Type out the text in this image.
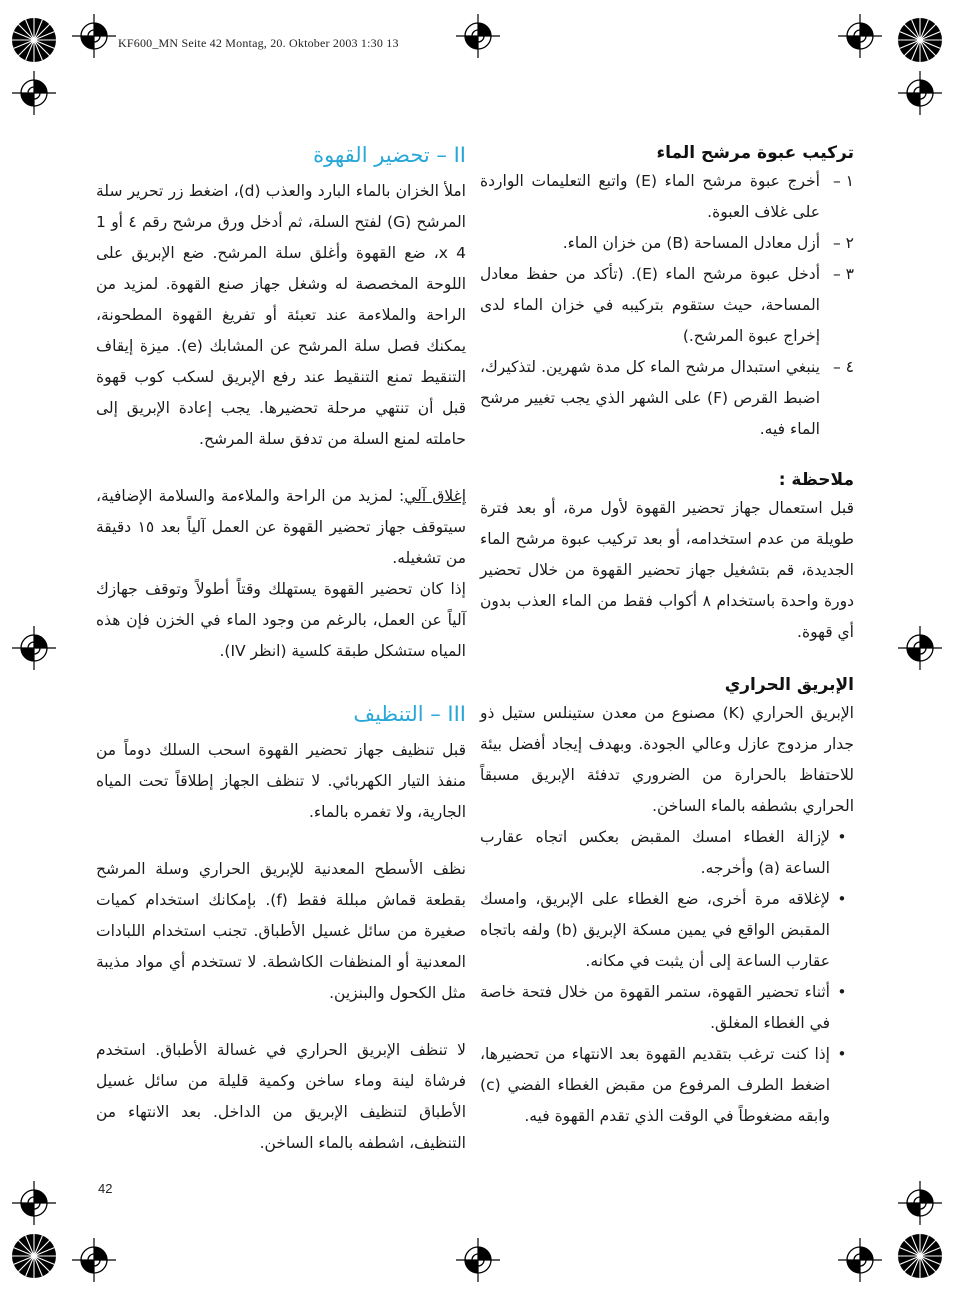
KF600_MN Seite 42 Montag, 20. Oktober 2003 1:30 13
تركيب عبوة مرشح الماء
١ –
أخرج عبوة مرشح الماء (E) واتبع التعليمات الواردة على غلاف العبوة.
٢ –
أزل معادل المساحة (B) من خزان الماء.
٣ –
أدخل عبوة مرشح الماء (E). (تأكد من حفظ معادل المساحة، حيث ستقوم بتركيبه في خزان الماء لدى إخراج عبوة المرشح.)
٤ –
ينبغي استبدال مرشح الماء كل مدة شهرين. لتذكيرك، اضبط القرص (F) على الشهر الذي يجب تغيير مرشح الماء فيه.
ملاحظة :

قبل استعمال جهاز تحضير القهوة لأول مرة، أو بعد فترة طويلة من عدم استخدامه، أو بعد تركيب عبوة مرشح الماء الجديدة، قم بتشغيل جهاز تحضير القهوة من خلال تحضير دورة واحدة باستخدام ٨ أكواب فقط من الماء العذب بدون أي قهوة.

الإبريق الحراري

الإبريق الحراري (K) مصنوع من معدن ستينلس ستيل ذو جدار مزدوج عازل وعالي الجودة. وبهدف إيجاد أفضل بيئة للاحتفاظ بالحرارة من الضروري تدفئة الإبريق مسبقاً الحراري بشطفه بالماء الساخن.

•
لإزالة الغطاء امسك المقبض بعكس اتجاه عقارب الساعة (a) وأخرجه.
•
لإغلاقه مرة أخرى، ضع الغطاء على الإبريق، وامسك المقبض الواقع في يمين مسكة الإبريق (b) ولفه باتجاه عقارب الساعة إلى أن يثبت في مكانه.
•
أثناء تحضير القهوة، ستمر القهوة من خلال فتحة خاصة في الغطاء المغلق.
•
إذا كنت ترغب بتقديم القهوة بعد الانتهاء من تحضيرها، اضغط الطرف المرفوع من مقبض الغطاء الفضي (c) وابقه مضغوطاً في الوقت الذي تقدم القهوة فيه.
II – تحضير القهوة

املأ الخزان بالماء البارد والعذب (d)، اضغط زر تحرير سلة المرشح (G) لفتح السلة، ثم أدخل ورق مرشح رقم ٤ أو 1 x 4، ضع القهوة وأغلق سلة المرشح. ضع الإبريق على اللوحة المخصصة له وشغل جهاز صنع القهوة. لمزيد من الراحة والملاءمة عند تعبئة أو تفريغ القهوة المطحونة، يمكنك فصل سلة المرشح عن المشابك (e). ميزة إيقاف التنقيط تمنع التنقيط عند رفع الإبريق لسكب كوب قهوة قبل أن تنتهي مرحلة تحضيرها. يجب إعادة الإبريق إلى حاملته لمنع السلة من تدفق سلة المرشح.

إغلاق آلي: لمزيد من الراحة والملاءمة والسلامة الإضافية، سيتوقف جهاز تحضير القهوة عن العمل آلياً بعد ١٥ دقيقة من تشغيله.

إذا كان تحضير القهوة يستهلك وقتاً أطولاً وتوقف جهازك آلياً عن العمل، بالرغم من وجود الماء في الخزن فإن هذه المياه ستشكل طبقة كلسية (انظر IV).

III – التنظيف

قبل تنظيف جهاز تحضير القهوة اسحب السلك دوماً من منفذ التيار الكهربائي. لا تنظف الجهاز إطلاقاً تحت المياه الجارية، ولا تغمره بالماء.

نظف الأسطح المعدنية للإبريق الحراري وسلة المرشح بقطعة قماش مبللة فقط (f). بإمكانك استخدام كميات صغيرة من سائل غسيل الأطباق. تجنب استخدام اللبادات المعدنية أو المنظفات الكاشطة. لا تستخدم أي مواد مذيبة مثل الكحول والبنزين.

لا تنظف الإبريق الحراري في غسالة الأطباق. استخدم فرشاة لينة وماء ساخن وكمية قليلة من سائل غسيل الأطباق لتنظيف الإبريق من الداخل. بعد الانتهاء من التنظيف، اشطفه بالماء الساخن.

42
